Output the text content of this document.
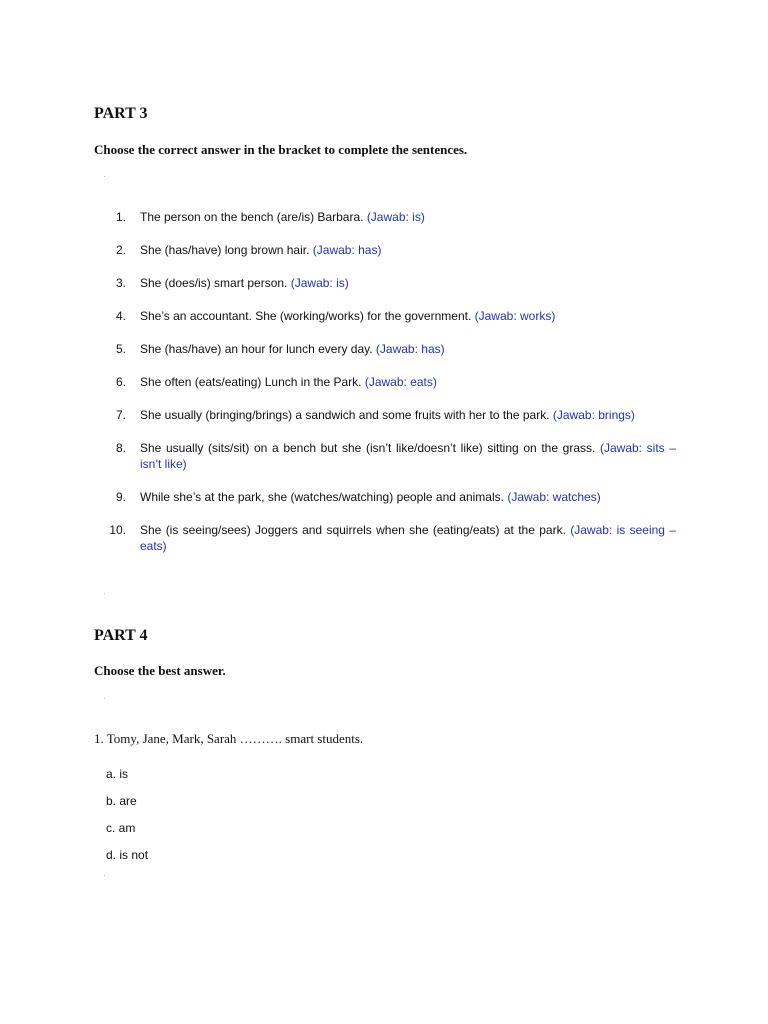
PART 3
Choose the correct answer in the bracket to complete the sentences.
1. The person on the bench (are/is) Barbara. (Jawab: is)
2. She (has/have) long brown hair. (Jawab: has)
3. She (does/is) smart person. (Jawab: is)
4. She’s an accountant. She (working/works) for the government. (Jawab: works)
5. She (has/have) an hour for lunch every day. (Jawab: has)
6. She often (eats/eating) Lunch in the Park. (Jawab: eats)
7. She usually (bringing/brings) a sandwich and some fruits with her to the park. (Jawab: brings)
8. She usually (sits/sit) on a bench but she (isn’t like/doesn’t like) sitting on the grass. (Jawab: sits – isn’t like)
9. While she’s at the park, she (watches/watching) people and animals. (Jawab: watches)
10. She (is seeing/sees) Joggers and squirrels when she (eating/eats) at the park. (Jawab: is seeing – eats)
PART 4
Choose the best answer.
1. Tomy, Jane, Mark, Sarah ………. smart students.
a. is
b. are
c. am
d. is not
